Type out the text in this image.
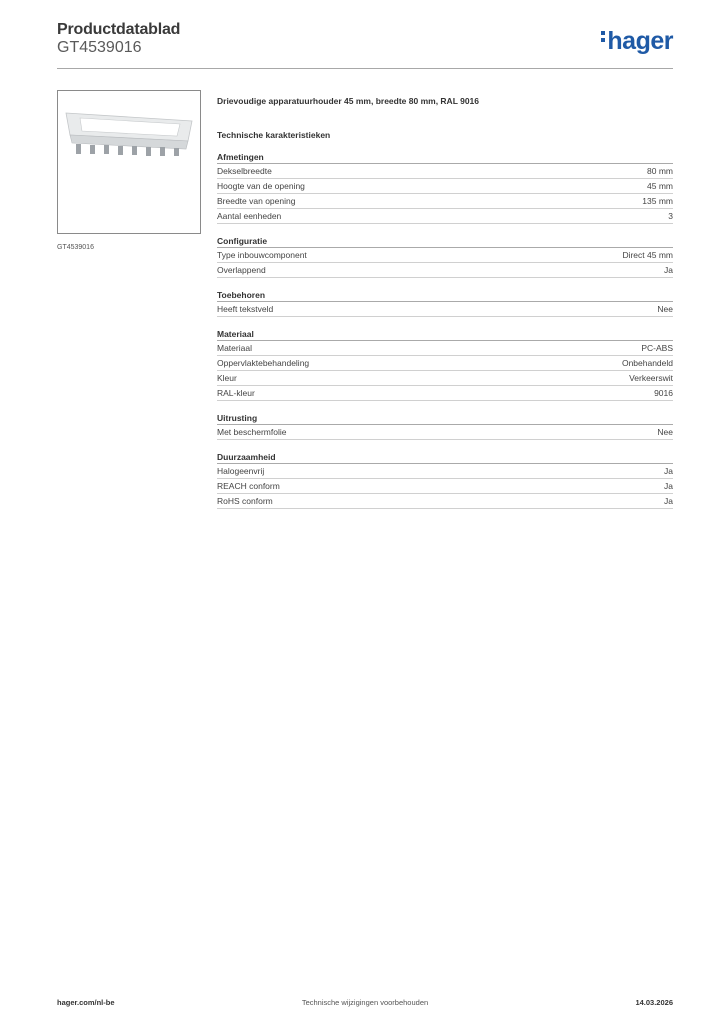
Productdatablad
GT4539016	hager
GT4539016
Drievoudige apparatuurhouder 45 mm, breedte 80 mm, RAL 9016
Technische karakteristieken
Afmetingen
Dekselbreedte	80 mm
Hoogte van de opening	45 mm
Breedte van opening	135 mm
Aantal eenheden	3
Configuratie
Type inbouwcomponent	Direct 45 mm
Overlappend	Ja
Toebehoren
Heeft tekstveld	Nee
Materiaal
Materiaal	PC-ABS
Oppervlaktebehandeling	Onbehandeld
Kleur	Verkeerswit
RAL-kleur	9016
Uitrusting
Met beschermfolie	Nee
Duurzaamheid
Halogeenvrij	Ja
REACH conform	Ja
RoHS conform	Ja
hager.com/nl-be	Technische wijzigingen voorbehouden	14.03.2026
